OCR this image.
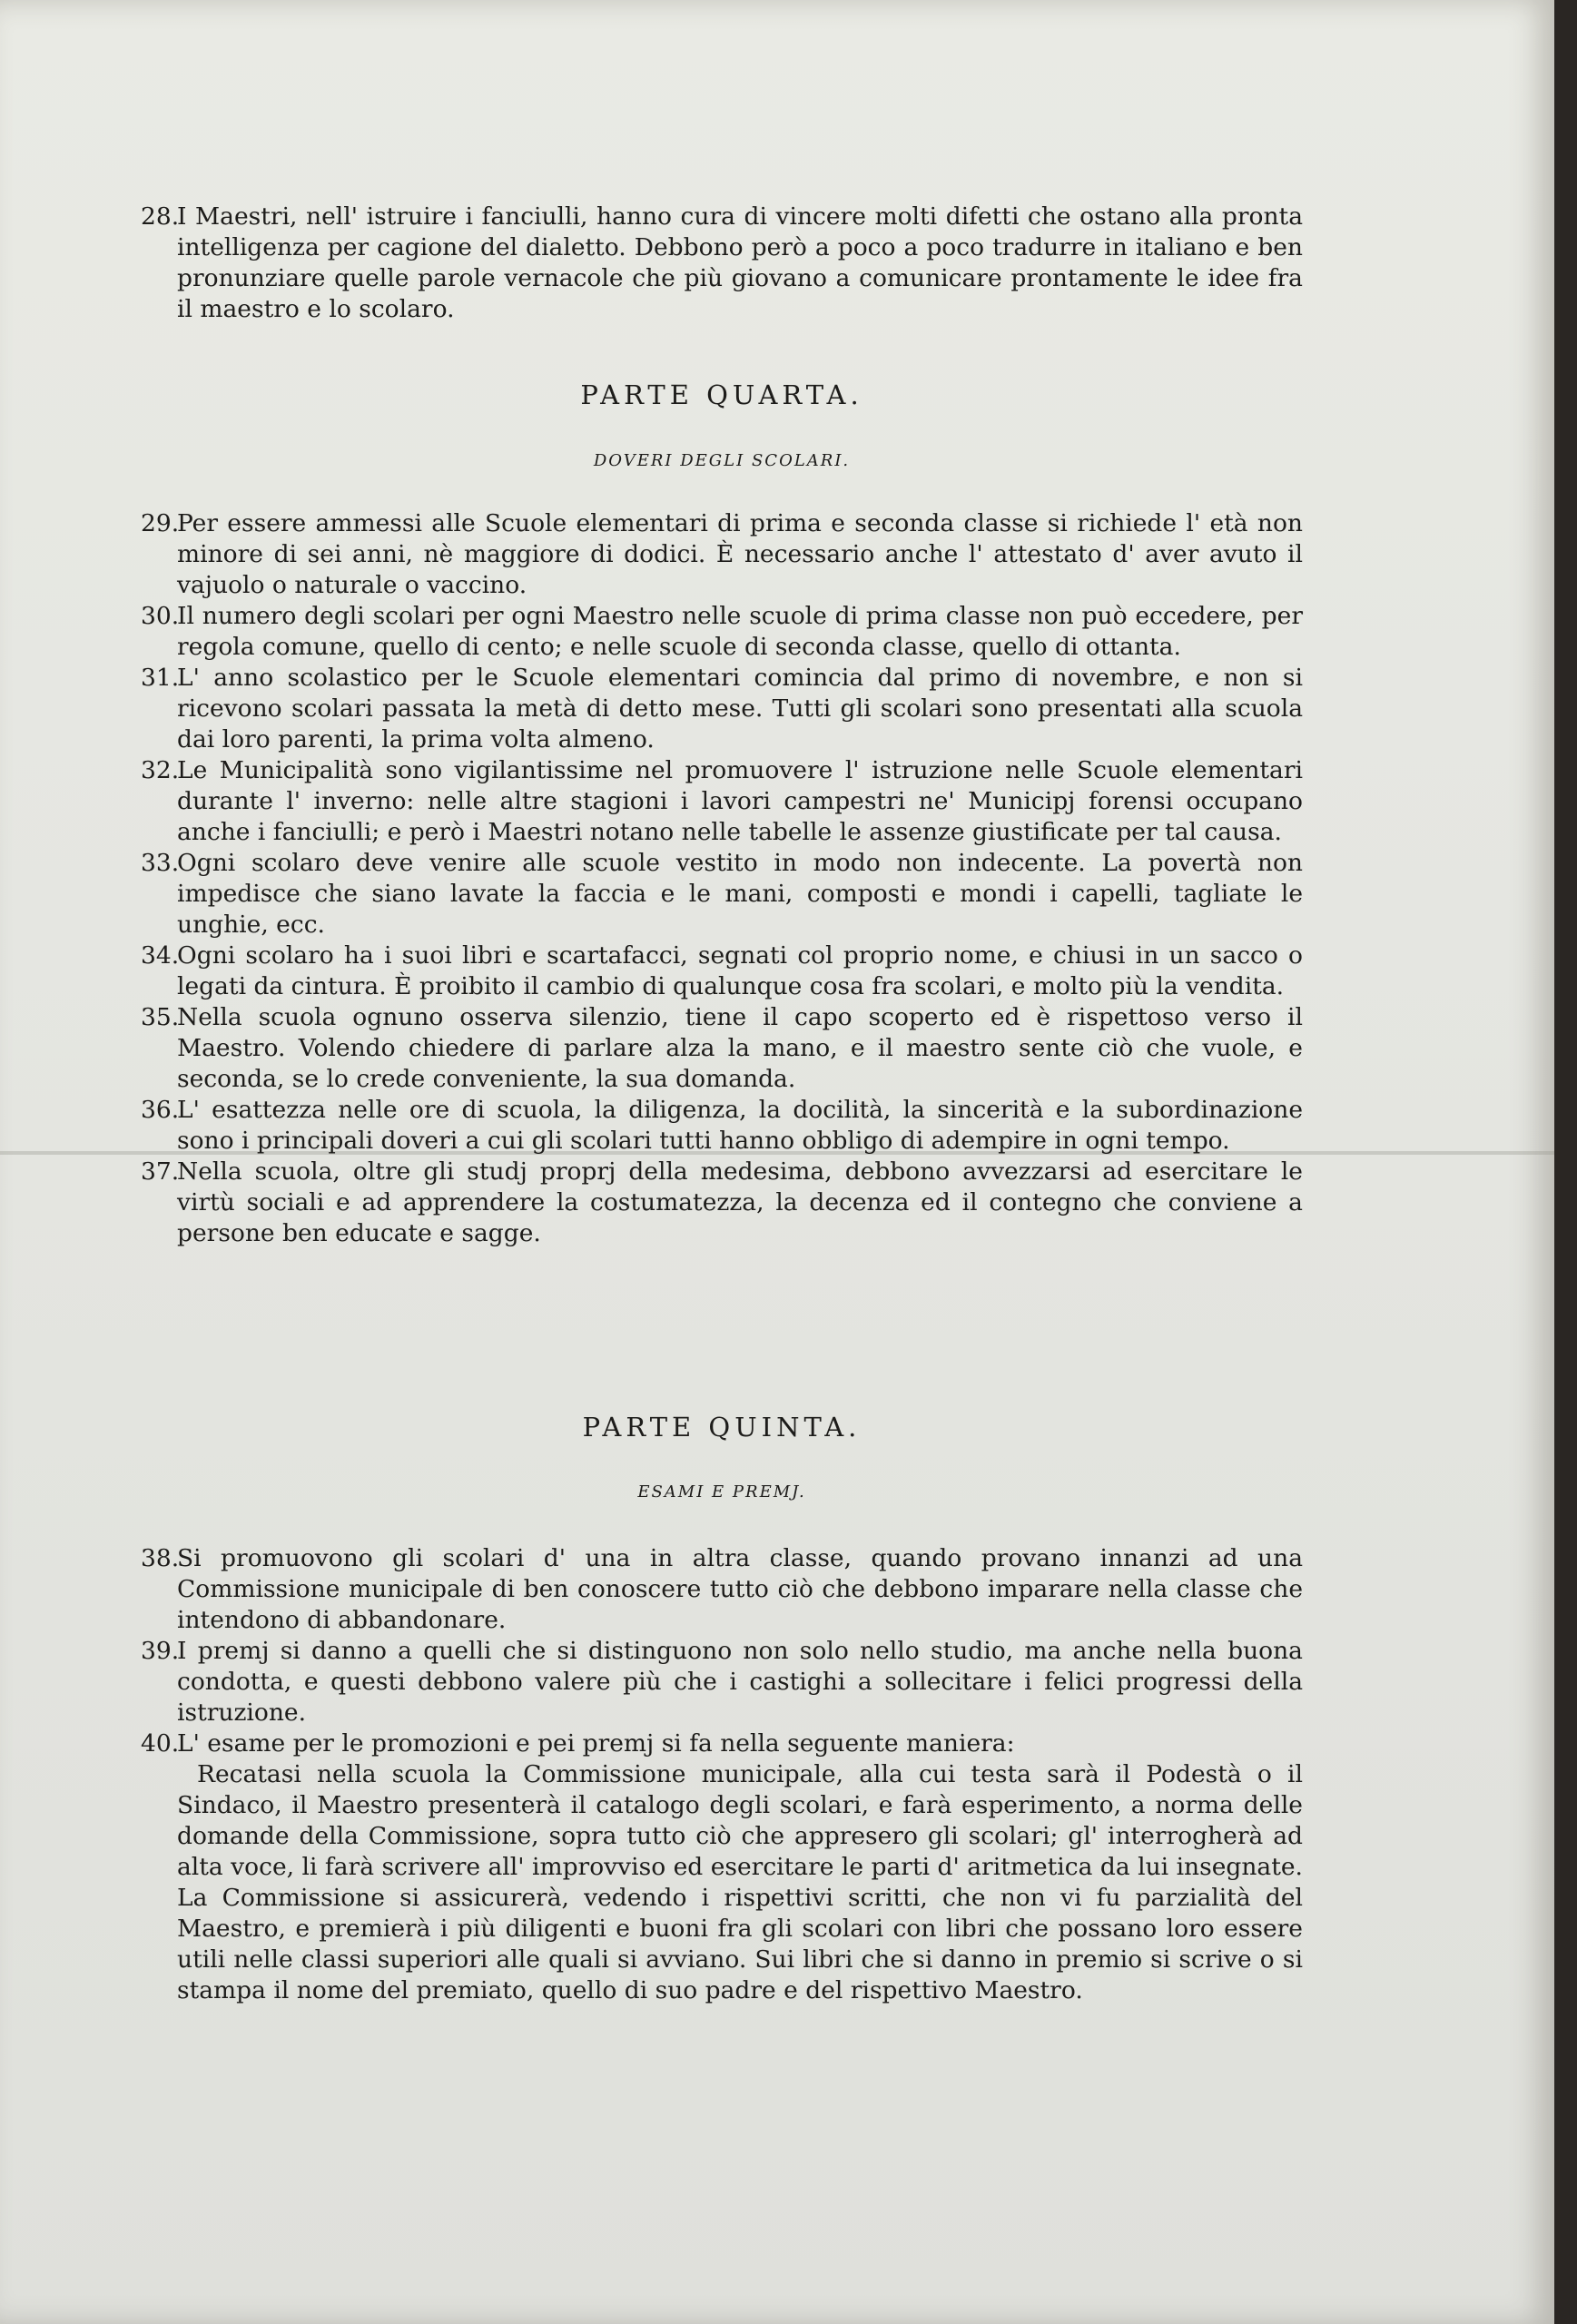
28.I Maestri, nell' istruire i fanciulli, hanno cura di vincere molti difetti che ostano alla pronta intelligenza per cagione del dialetto. Debbono però a poco a poco tradurre in italiano e ben pronunziare quelle parole vernacole che più giovano a comunicare prontamente le idee fra il maestro e lo scolaro.

PARTE QUARTA.
DOVERI DEGLI SCOLARI.

29.Per essere ammessi alle Scuole elementari di prima e seconda classe si richiede l' età non minore di sei anni, nè maggiore di dodici. È necessario anche l' attestato d' aver avuto il vajuolo o naturale o vaccino.

30.Il numero degli scolari per ogni Maestro nelle scuole di prima classe non può eccedere, per regola comune, quello di cento; e nelle scuole di seconda classe, quello di ottanta.

31.L' anno scolastico per le Scuole elementari comincia dal primo di novembre, e non si ricevono scolari passata la metà di detto mese. Tutti gli scolari sono presentati alla scuola dai loro parenti, la prima volta almeno.

32.Le Municipalità sono vigilantissime nel promuovere l' istruzione nelle Scuole elementari durante l' inverno: nelle altre stagioni i lavori campestri ne' Municipj forensi occupano anche i fanciulli; e però i Maestri notano nelle tabelle le assenze giustificate per tal causa.

33.Ogni scolaro deve venire alle scuole vestito in modo non indecente. La povertà non impedisce che siano lavate la faccia e le mani, composti e mondi i capelli, tagliate le unghie, ecc.

34.Ogni scolaro ha i suoi libri e scartafacci, segnati col proprio nome, e chiusi in un sacco o legati da cintura. È proibito il cambio di qualunque cosa fra scolari, e molto più la vendita.

35.Nella scuola ognuno osserva silenzio, tiene il capo scoperto ed è rispettoso verso il Maestro. Volendo chiedere di parlare alza la mano, e il maestro sente ciò che vuole, e seconda, se lo crede conveniente, la sua domanda.

36.L' esattezza nelle ore di scuola, la diligenza, la docilità, la sincerità e la subordinazione sono i principali doveri a cui gli scolari tutti hanno obbligo di adempire in ogni tempo.

37.Nella scuola, oltre gli studj proprj della medesima, debbono avvezzarsi ad esercitare le virtù sociali e ad apprendere la costumatezza, la decenza ed il contegno che conviene a persone ben educate e sagge.

PARTE QUINTA.
ESAMI E PREMJ.

38.Si promuovono gli scolari d' una in altra classe, quando provano innanzi ad una Commissione municipale di ben conoscere tutto ciò che debbono imparare nella classe che intendono di abbandonare.

39.I premj si danno a quelli che si distinguono non solo nello studio, ma anche nella buona condotta, e questi debbono valere più che i castighi a sollecitare i felici progressi della istruzione.

40.L' esame per le promozioni e pei premj si fa nella seguente maniera:

Recatasi nella scuola la Commissione municipale, alla cui testa sarà il Podestà o il Sindaco, il Maestro presenterà il catalogo degli scolari, e farà esperimento, a norma delle domande della Commissione, sopra tutto ciò che appresero gli scolari; gl' interrogherà ad alta voce, li farà scrivere all' improvviso ed esercitare le parti d' aritmetica da lui insegnate. La Commissione si assicurerà, vedendo i rispettivi scritti, che non vi fu parzialità del Maestro, e premierà i più diligenti e buoni fra gli scolari con libri che possano loro essere utili nelle classi superiori alle quali si avviano. Sui libri che si danno in premio si scrive o si stampa il nome del premiato, quello di suo padre e del rispettivo Maestro.
